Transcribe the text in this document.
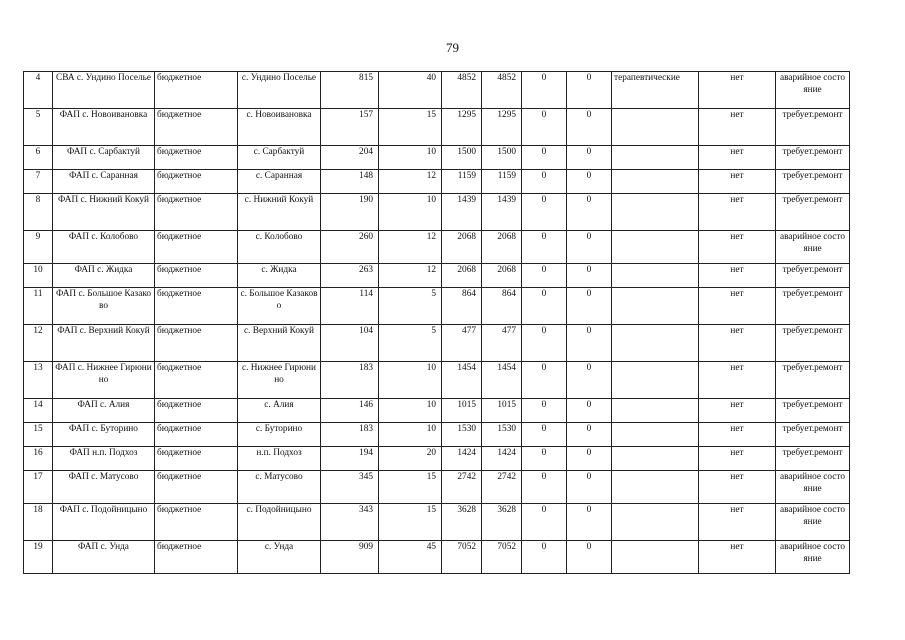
79
4	СВА с. Ундино Поселье	бюджетное	с. Ундино Поселье	815	40	4852	4852	0	0	терапевтические	нет	аварийное состояние
5	ФАП с. Новоивановка	бюджетное	с. Новоивановка	157	15	1295	1295	0	0		нет	требует.ремонт
6	ФАП с. Сарбактуй	бюджетное	с. Сарбактуй	204	10	1500	1500	0	0		нет	требует.ремонт
7	ФАП с. Саранная	бюджетное	с. Саранная	148	12	1159	1159	0	0		нет	требует.ремонт
8	ФАП с. Нижний Кокуй	бюджетное	с. Нижний Кокуй	190	10	1439	1439	0	0		нет	требует.ремонт
9	ФАП с. Колобово	бюджетное	с. Колобово	260	12	2068	2068	0	0		нет	аварийное состояние
10	ФАП с. Жидка	бюджетное	с. Жидка	263	12	2068	2068	0	0		нет	требует.ремонт
11	ФАП с. Большое Казаково	бюджетное	с. Большое Казаково	114	5	864	864	0	0		нет	требует.ремонт
12	ФАП с. Верхний Кокуй	бюджетное	с. Верхний Кокуй	104	5	477	477	0	0		нет	требует.ремонт
13	ФАП с. Нижнее Гирюнино	бюджетное	с. Нижнее Гирюнино	183	10	1454	1454	0	0		нет	требует.ремонт
14	ФАП с. Алия	бюджетное	с. Алия	146	10	1015	1015	0	0		нет	требует.ремонт
15	ФАП с. Буторино	бюджетное	с. Буторино	183	10	1530	1530	0	0		нет	требует.ремонт
16	ФАП н.п. Подхоз	бюджетное	н.п. Подхоз	194	20	1424	1424	0	0		нет	требует.ремонт
17	ФАП с. Матусово	бюджетное	с. Матусово	345	15	2742	2742	0	0		нет	аварийное состояние
18	ФАП с. Подойницыно	бюджетное	с. Подойницыно	343	15	3628	3628	0	0		нет	аварийное состояние
19	ФАП с. Унда	бюджетное	с. Унда	909	45	7052	7052	0	0		нет	аварийное состояние
